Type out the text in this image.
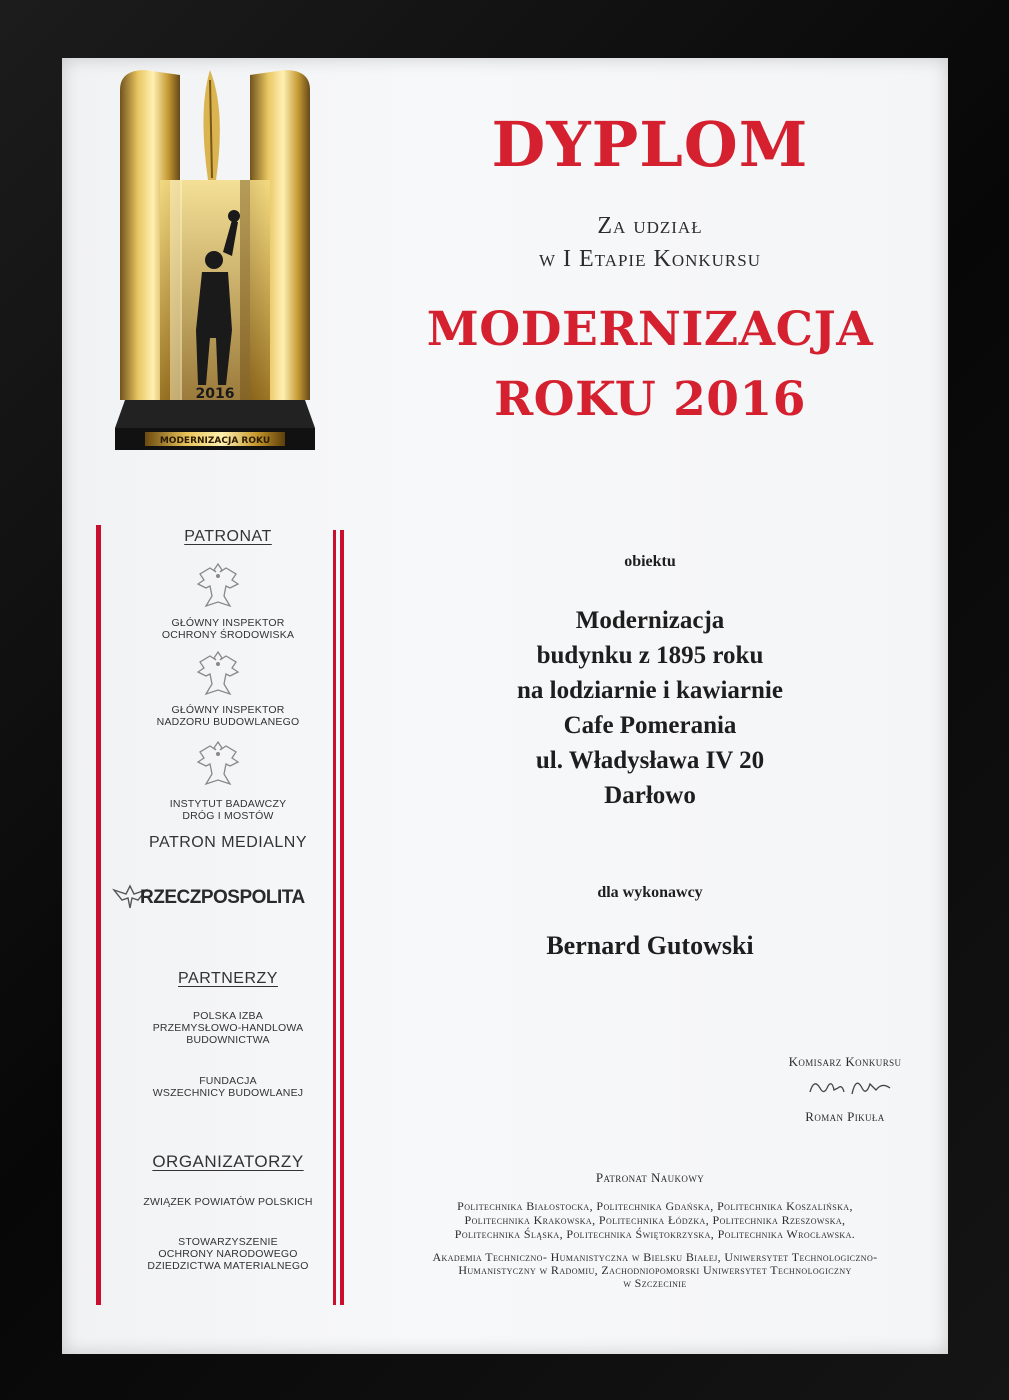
2016
MODERNIZACJA ROKU
PATRONAT
GŁÓWNY INSPEKTOR
OCHRONY ŚRODOWISKA
GŁÓWNY INSPEKTOR
NADZORU BUDOWLANEGO
INSTYTUT BADAWCZY
DRÓG I MOSTÓW
PATRON MEDIALNY
RZECZPOSPOLITA
PARTNERZY
POLSKA IZBA
PRZEMYSŁOWO-HANDLOWA
BUDOWNICTWA
FUNDACJA
WSZECHNICY BUDOWLANEJ
ORGANIZATORZY
ZWIĄZEK POWIATÓW POLSKICH
STOWARZYSZENIE
OCHRONY NARODOWEGO
DZIEDZICTWA MATERIALNEGO
DYPLOM
Za udział
w I Etapie Konkursu
MODERNIZACJA
ROKU 2016
obiektu
Modernizacja
budynku z 1895 roku
na lodziarnie i kawiarnie
Cafe Pomerania
ul. Władysława IV 20
Darłowo
dla wykonawcy
Bernard Gutowski
Komisarz Konkursu
Roman Pikuła
Patronat Naukowy
Politechnika Białostocka, Politechnika Gdańska, Politechnika Koszalińska,
Politechnika Krakowska, Politechnika Łódzka, Politechnika Rzeszowska,
Politechnika Śląska, Politechnika Świętokrzyska, Politechnika Wrocławska.
Akademia Techniczno- Humanistyczna w Bielsku Białej, Uniwersytet Technologiczno-
Humanistyczny w Radomiu, Zachodniopomorski Uniwersytet Technologiczny
w Szczecinie
